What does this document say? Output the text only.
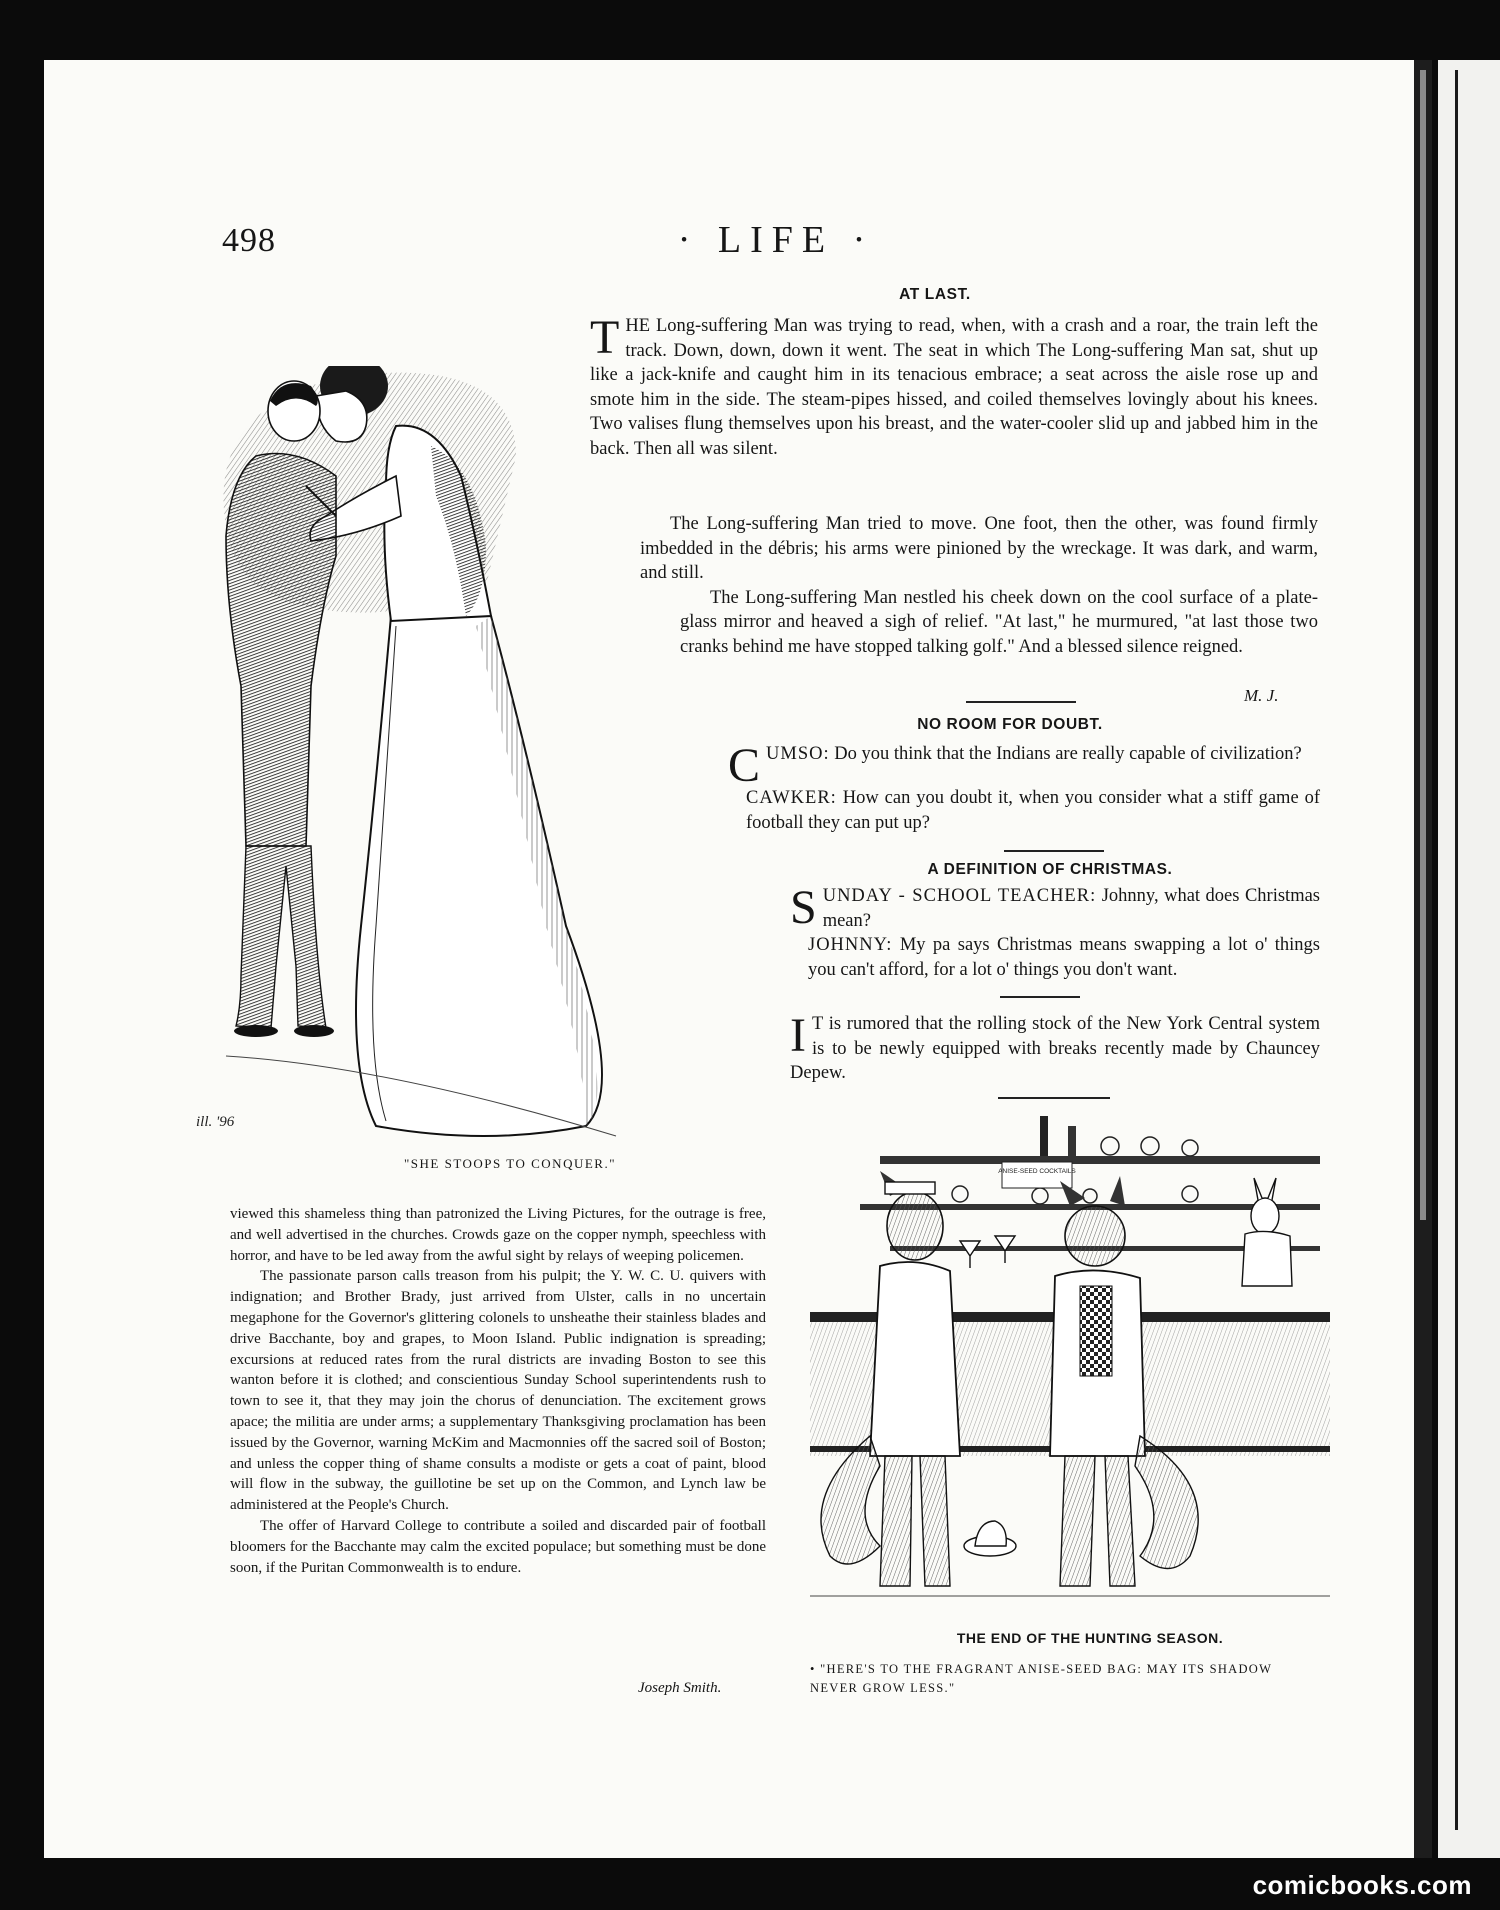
498	· LIFE ·
ill. '96
"SHE STOOPS TO CONQUER."
AT LAST.

THE Long-suffering Man was trying to read, when, with a crash and a roar, the train left the track. Down, down, down it went. The seat in which The Long-suffering Man sat, shut up like a jack-knife and caught him in its tenacious embrace; a seat across the aisle rose up and smote him in the side. The steam-pipes hissed, and coiled themselves lovingly about his knees. Two valises flung themselves upon his breast, and the water-cooler slid up and jabbed him in the back. Then all was silent.

The Long-suffering Man tried to move. One foot, then the other, was found firmly imbedded in the débris; his arms were pinioned by the wreckage. It was dark, and warm, and still.

The Long-suffering Man nestled his cheek down on the cool surface of a plate-glass mirror and heaved a sigh of relief. "At last," he murmured, "at last those two cranks behind me have stopped talking golf." And a blessed silence reigned.

M. J.
NO ROOM FOR DOUBT.

CUMSO: Do you think that the Indians are really capable of civilization?

CAWKER: How can you doubt it, when you consider what a stiff game of football they can put up?

A DEFINITION OF CHRISTMAS.

SUNDAY - SCHOOL TEACHER: Johnny, what does Christmas mean?

JOHNNY: My pa says Christmas means swapping a lot o' things you can't afford, for a lot o' things you don't want.

I T is rumored that the rolling stock of the New York Central system is to be newly equipped with breaks recently made by Chauncey Depew.

ANISE-SEED COCKTAILS
THE END OF THE HUNTING SEASON.
• "HERE'S TO THE FRAGRANT ANISE-SEED BAG: MAY ITS SHADOW NEVER GROW LESS."

viewed this shameless thing than patronized the Living Pictures, for the outrage is free, and well advertised in the churches. Crowds gaze on the copper nymph, speechless with horror, and have to be led away from the awful sight by relays of weeping policemen.

The passionate parson calls treason from his pulpit; the Y. W. C. U. quivers with indignation; and Brother Brady, just arrived from Ulster, calls in no uncertain megaphone for the Governor's glittering colonels to unsheathe their stainless blades and drive Bacchante, boy and grapes, to Moon Island. Public indignation is spreading; excursions at reduced rates from the rural districts are invading Boston to see this wanton before it is clothed; and conscientious Sunday School superintendents rush to town to see it, that they may join the chorus of denunciation. The excitement grows apace; the militia are under arms; a supplementary Thanksgiving proclamation has been issued by the Governor, warning McKim and Macmonnies off the sacred soil of Boston; and unless the copper thing of shame consults a modiste or gets a coat of paint, blood will flow in the subway, the guillotine be set up on the Common, and Lynch law be administered at the People's Church.

The offer of Harvard College to contribute a soiled and discarded pair of football bloomers for the Bacchante may calm the excited populace; but something must be done soon, if the Puritan Commonwealth is to endure.

Joseph Smith.
comicbooks.com
